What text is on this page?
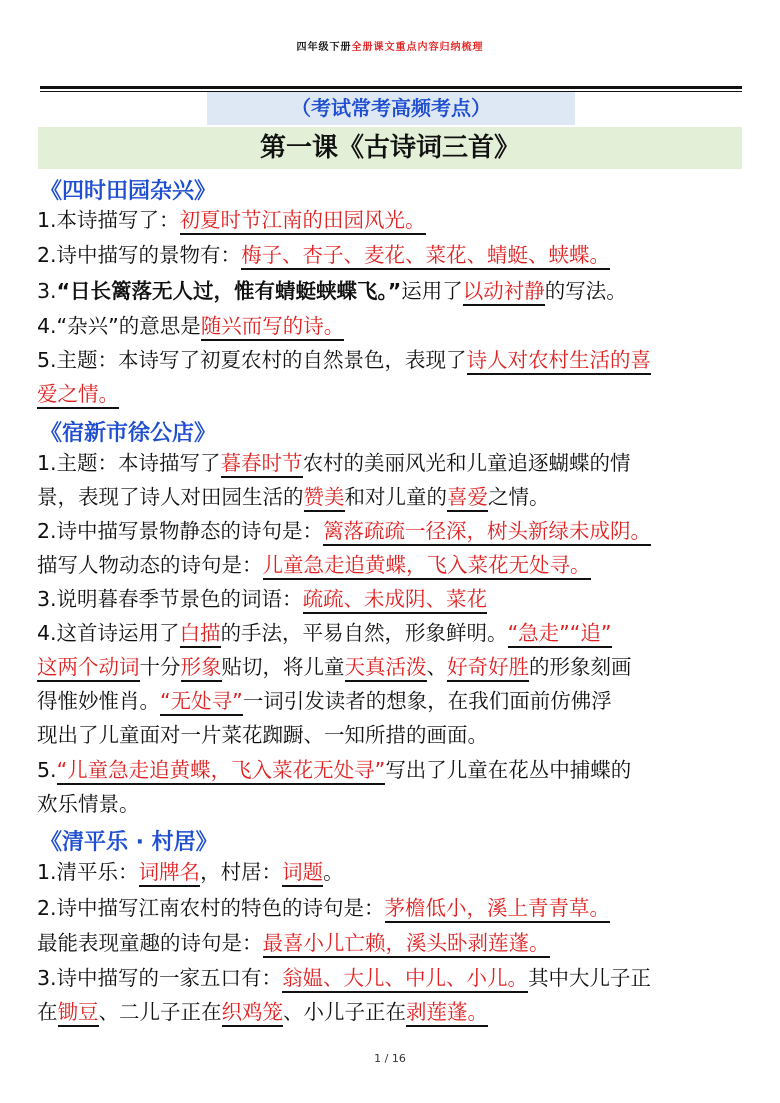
四年级下册全册课文重点内容归纳梳理
（考试常考高频考点）
第一课《古诗词三首》
《四时田园杂兴》
1.本诗描写了：初夏时节江南的田园风光。
2.诗中描写的景物有：梅子、杏子、麦花、菜花、蜻蜓、蛱蝶。
3.“日长篱落无人过，惟有蜻蜓蛱蝶飞。”运用了以动衬静的写法。
4.“杂兴”的意思是随兴而写的诗。
5.主题：本诗写了初夏农村的自然景色，表现了诗人对农村生活的喜
爱之情。
《宿新市徐公店》
1.主题：本诗描写了暮春时节农村的美丽风光和儿童追逐蝴蝶的情
景，表现了诗人对田园生活的赞美和对儿童的喜爱之情。
2.诗中描写景物静态的诗句是：篱落疏疏一径深，树头新绿未成阴。
描写人物动态的诗句是：儿童急走追黄蝶，飞入菜花无处寻。
3.说明暮春季节景色的词语：疏疏、未成阴、菜花
4.这首诗运用了白描的手法，平易自然，形象鲜明。“急走”“追”
这两个动词十分形象贴切，将儿童天真活泼、好奇好胜的形象刻画
得惟妙惟肖。“无处寻”一词引发读者的想象，在我们面前仿佛浮
现出了儿童面对一片菜花踟蹰、一知所措的画面。
5.“儿童急走追黄蝶，飞入菜花无处寻”写出了儿童在花丛中捕蝶的
欢乐情景。
《清平乐 · 村居》
1.清平乐：词牌名，村居：词题。
2.诗中描写江南农村的特色的诗句是：茅檐低小，溪上青青草。
最能表现童趣的诗句是：最喜小儿亡赖，溪头卧剥莲蓬。
3.诗中描写的一家五口有：翁媪、大儿、中儿、小儿。其中大儿子正
在锄豆、二儿子正在织鸡笼、小儿子正在剥莲蓬。
1 / 16
